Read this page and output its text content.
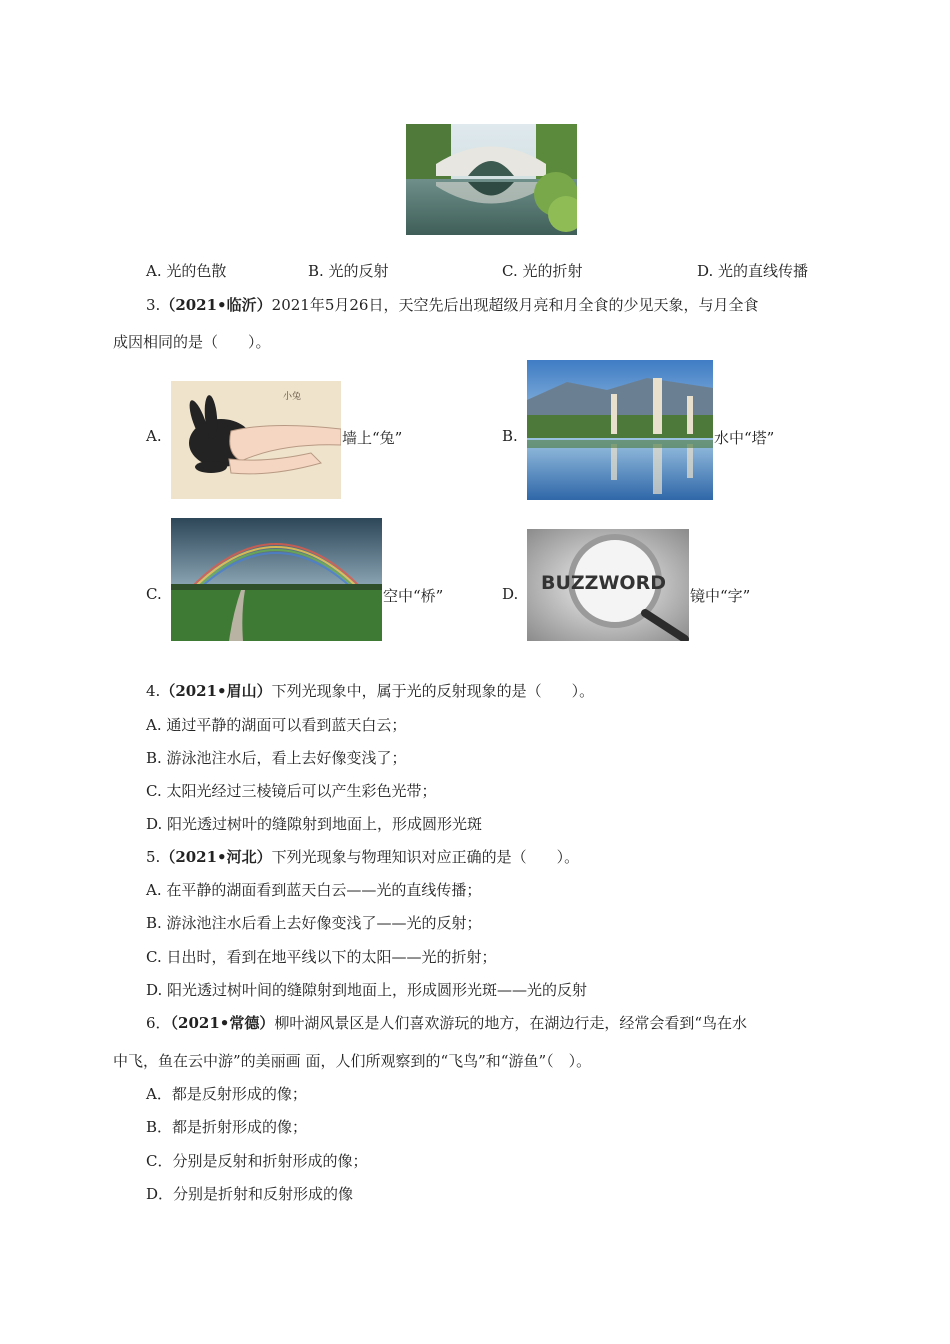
A. 光的色散	B. 光的反射	C. 光的折射	D. 光的直线传播
3.（2021•临沂）2021年5月26日，天空先后出现超级月亮和月全食的少见天象，与月全食
成因相同的是（　　）。
A.
小兔
墙上“兔”	B.	水中“塔”
C.	空中“桥”	D. BUZZWORD
镜中“字”
4.（2021•眉山）下列光现象中，属于光的反射现象的是（　　）。
A. 通过平静的湖面可以看到蓝天白云；
B. 游泳池注水后，看上去好像变浅了；
C. 太阳光经过三棱镜后可以产生彩色光带；
D. 阳光透过树叶的缝隙射到地面上，形成圆形光斑
5.（2021•河北）下列光现象与物理知识对应正确的是（　　）。
A. 在平静的湖面看到蓝天白云——光的直线传播；
B. 游泳池注水后看上去好像变浅了——光的反射；
C. 日出时，看到在地平线以下的太阳——光的折射；
D. 阳光透过树叶间的缝隙射到地面上，形成圆形光斑——光的反射
6．（2021•常德）柳叶湖风景区是人们喜欢游玩的地方，在湖边行走，经常会看到“鸟在水
中飞，鱼在云中游”的美丽画 面，人们所观察到的“飞鸟”和“游鱼”（　）。
A．都是反射形成的像；
B．都是折射形成的像；
C．分别是反射和折射形成的像；
D．分别是折射和反射形成的像
